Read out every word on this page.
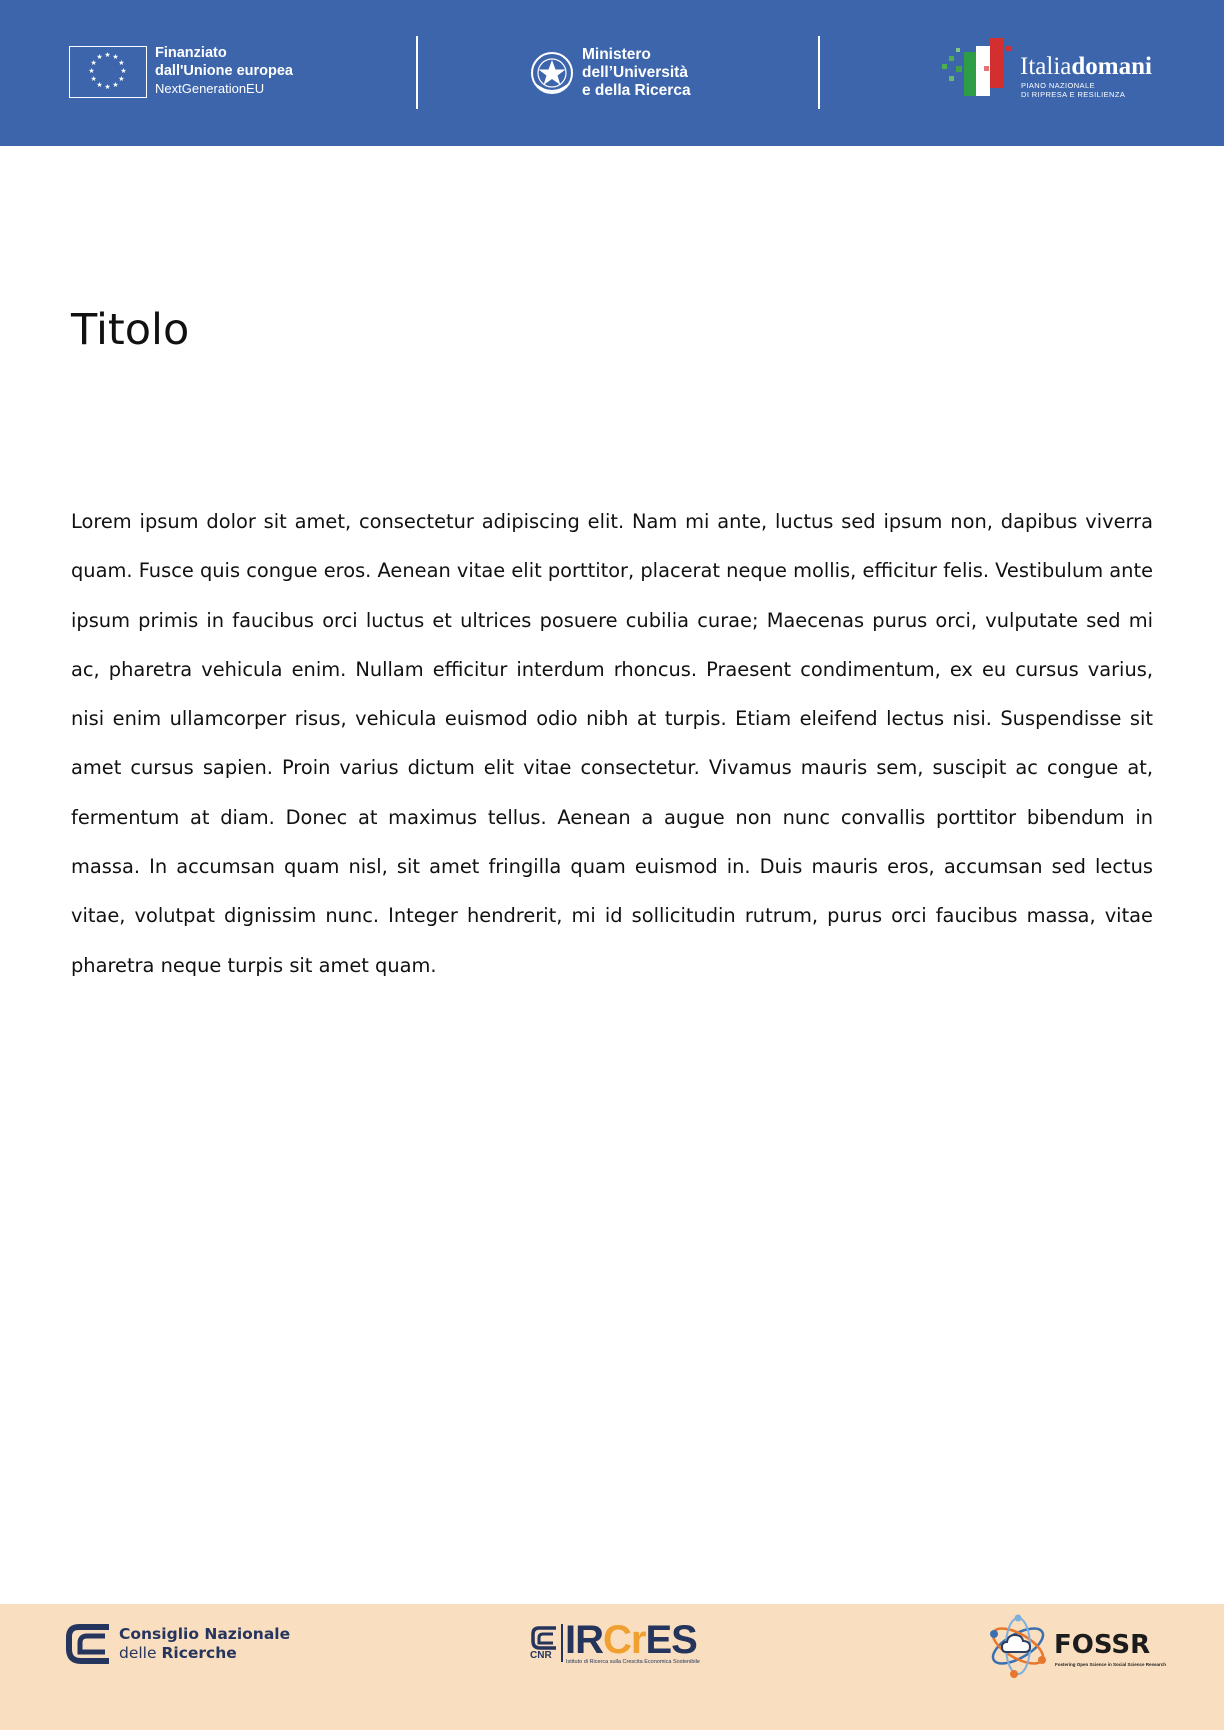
★ ★
★
★
★
★
★
★
★
★
★
★	Finanziato
dall'Unione europea
NextGenerationEU
Ministero
dell’Università
e della Ricerca
Italiadomani
PIANO NAZIONALE
DI RIPRESA E RESILIENZA
Titolo

Lorem ipsum dolor sit amet, consectetur adipiscing elit. Nam mi ante, luctus sed ipsum non, dapibus viverra quam. Fusce quis congue eros. Aenean vitae elit porttitor, placerat neque mollis, efficitur felis. Vestibulum ante ipsum primis in faucibus orci luctus et ultrices posuere cubilia curae; Maecenas purus orci, vulputate sed mi ac, pharetra vehicula enim. Nullam efficitur interdum rhoncus. Praesent condimentum, ex eu cursus varius, nisi enim ullamcorper risus, vehicula euismod odio nibh at turpis. Etiam eleifend lectus nisi. Suspendisse sit amet cursus sapien. Proin varius dictum elit vitae consectetur. Vivamus mauris sem, suscipit ac congue at, fermentum at diam. Donec at maximus tellus. Aenean a augue non nunc convallis porttitor bibendum in massa. In accumsan quam nisl, sit amet fringilla quam euismod in. Duis mauris eros, accumsan sed lectus vitae, volutpat dignissim nunc. Integer hendrerit, mi id sollicitudin rutrum, purus orci faucibus massa, vitae pharetra neque turpis sit amet quam.

Consiglio Nazionale
delle Ricerche	CNR IRCrES
Istituto di Ricerca sulla Crescita Economica Sostenibile
FOSSR
Fostering Open Science in Social Science Research
